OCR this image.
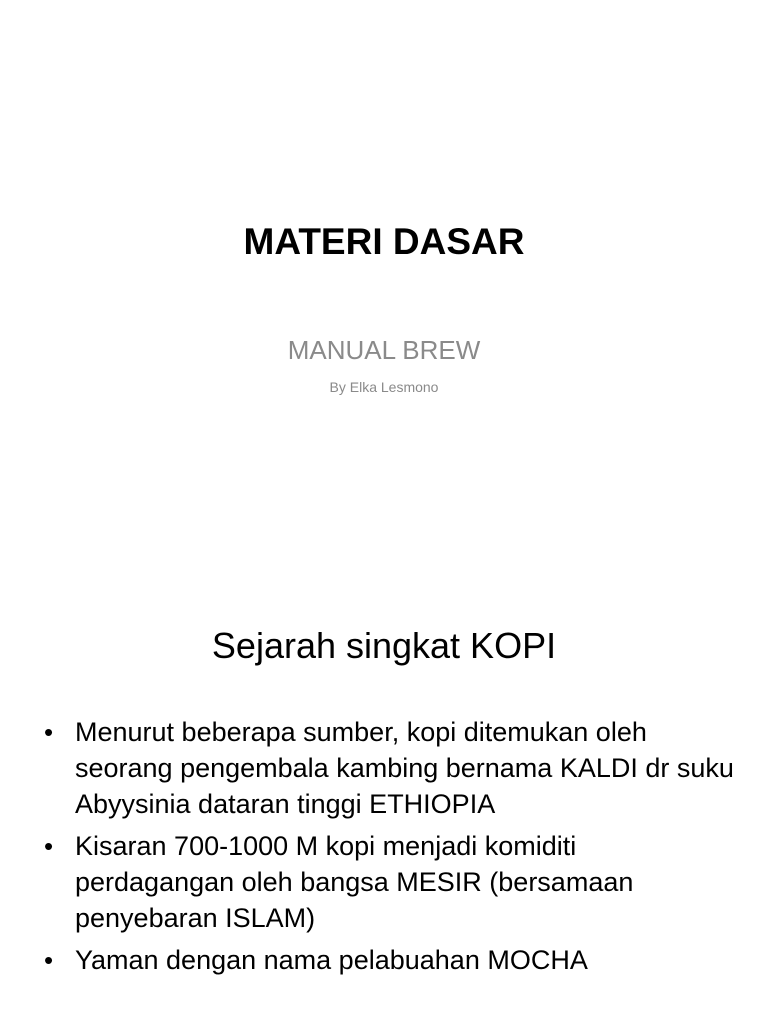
MATERI DASAR
MANUAL BREW
By Elka Lesmono
Sejarah singkat KOPI
• Menurut beberapa sumber, kopi ditemukan oleh seorang pengembala kambing bernama KALDI dr suku Abyysinia dataran tinggi ETHIOPIA
• Kisaran 700-1000 M kopi menjadi komiditi perdagangan oleh bangsa MESIR (bersamaan penyebaran ISLAM)
• Yaman dengan nama pelabuahan MOCHA
